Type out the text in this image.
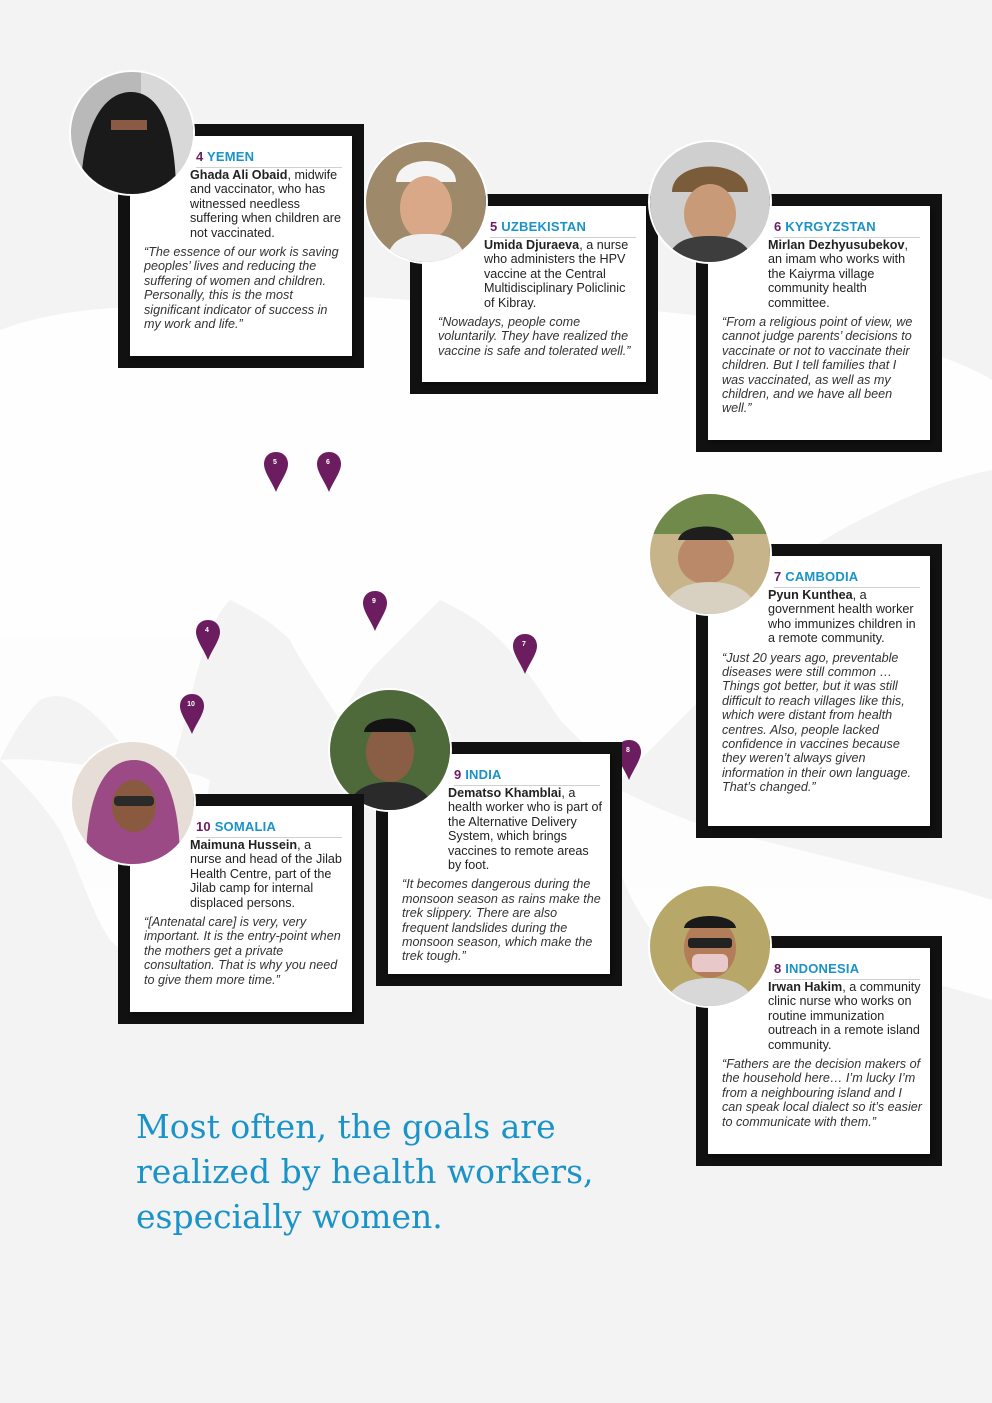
5	6
9
4
7
10
8
4 YEMEN
Ghada Ali Obaid, midwife and vaccinator, who has witnessed needless suffering when children are not vaccinated.
“The essence of our work is saving peoples’ lives and reducing the suffering of women and children. Personally, this is the most significant indicator of success in my work and life.”
5 UZBEKISTAN
Umida Djuraeva, a nurse who administers the HPV vaccine at the Central Multidisciplinary Policlinic of Kibray.
“Nowadays, people come voluntarily. They have realized the vaccine is safe and tolerated well.”
6 KYRGYZSTAN
Mirlan Dezhyusubekov, an imam who works with the Kaiyrma village community health committee.
“From a religious point of view, we cannot judge parents’ decisions to vaccinate or not to vaccinate their children. But I tell families that I was vaccinated, as well as my children, and we have all been well.”
7 CAMBODIA
Pyun Kunthea, a government health worker who immunizes children in a remote community.
“Just 20 years ago, preventable diseases were still common … Things got better, but it was still difficult to reach villages like this, which were distant from health centres. Also, people lacked confidence in vaccines because they weren’t always given information in their own language. That’s changed.”
9 INDIA
Dematso Khamblai, a health worker who is part of the Alternative Delivery System, which brings vaccines to remote areas by foot.
“It becomes dangerous during the monsoon season as rains make the trek slippery. There are also frequent landslides during the monsoon season, which make the trek tough.”
10 SOMALIA
Maimuna Hussein, a nurse and head of the Jilab Health Centre, part of the Jilab camp for internal displaced persons.
“[Antenatal care] is very, very important. It is the entry-point when the mothers get a private consultation. That is why you need to give them more time.”
8 INDONESIA
Irwan Hakim, a community clinic nurse who works on routine immunization outreach in a remote island community.
“Fathers are the decision makers of the household here… I’m lucky I’m from a neighbouring island and I can speak local dialect so it’s easier to communicate with them.”
Most often, the goals are
realized by health workers,
especially women.
